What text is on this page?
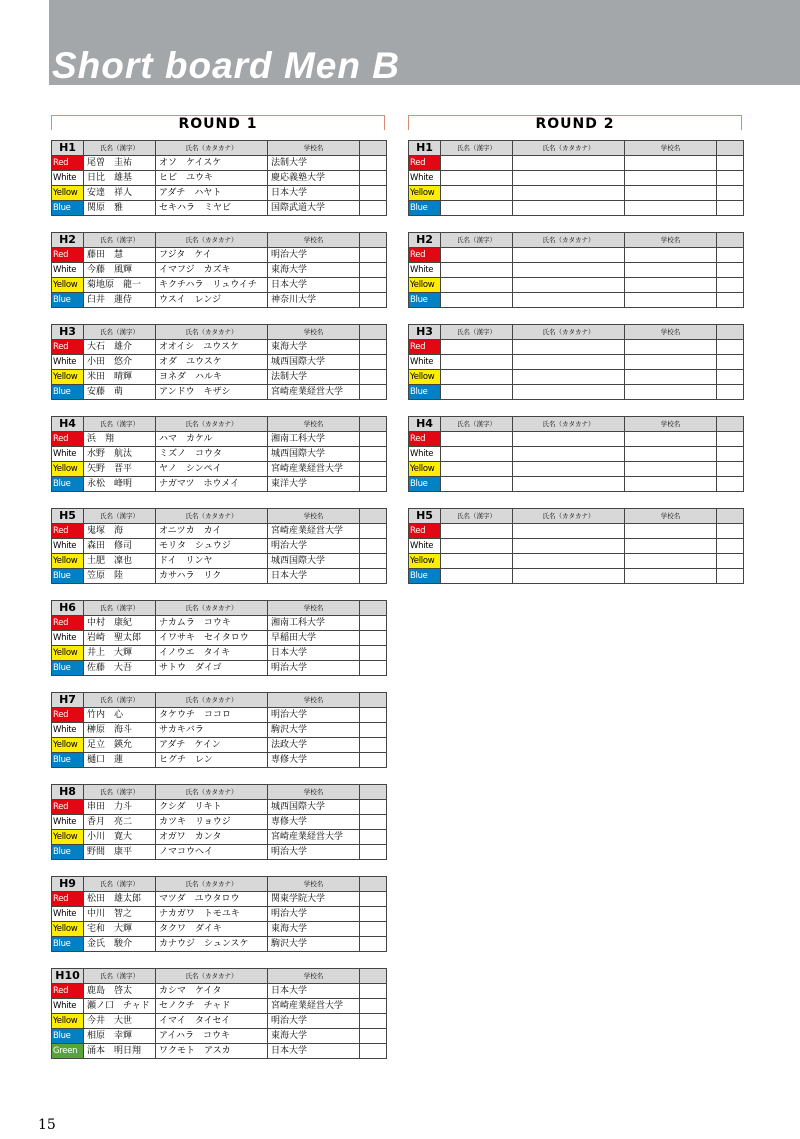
Short board Men B
ROUND 1	ROUND 2
H1	氏名（漢字）	氏名（カタカナ）	学校名	
Red	尾曽　圭祐	オソ　ケイスケ	法制大学	
White	日比　雄基	ヒビ　ユウキ	慶応義塾大学	
Yellow	安達　祥人	アダチ　ハヤト	日本大学	
Blue	関原　雅	セキハラ　ミヤビ	国際武道大学	
H2	氏名（漢字）	氏名（カタカナ）	学校名	
Red	藤田　慧	フジタ　ケイ	明治大学	
White	今藤　風輝	イマフジ　カズキ	東海大学	
Yellow	菊地原　龍一	キクチハラ　リュウイチ	日本大学	
Blue	臼井　蓮侍	ウスイ　レンジ	神奈川大学	
H3	氏名（漢字）	氏名（カタカナ）	学校名	
Red	大石　雄介	オオイシ　ユウスケ	東海大学	
White	小田　悠介	オダ　ユウスケ	城西国際大学	
Yellow	米田　晴輝	ヨネダ　ハルキ	法制大学	
Blue	安藤　萌	アンドウ　キザシ	宮崎産業経営大学	
H4	氏名（漢字）	氏名（カタカナ）	学校名	
Red	浜　翔	ハマ　カケル	湘南工科大学	
White	水野　航汰	ミズノ　コウタ	城西国際大学	
Yellow	矢野　晋平	ヤノ　シンペイ	宮崎産業経営大学	
Blue	永松　峰明	ナガマツ　ホウメイ	東洋大学	
H5	氏名（漢字）	氏名（カタカナ）	学校名	
Red	鬼塚　海	オニツカ　カイ	宮崎産業経営大学	
White	森田　修司	モリタ　シュウジ	明治大学	
Yellow	土肥　凜也	ドイ　リンヤ	城西国際大学	
Blue	笠原　陸	カサハラ　リク	日本大学	
H6	氏名（漢字）	氏名（カタカナ）	学校名	
Red	中村　康紀	ナカムラ　コウキ	湘南工科大学	
White	岩崎　聖太郎	イワサキ　セイタロウ	早稲田大学	
Yellow	井上　大輝	イノウエ　タイキ	日本大学	
Blue	佐藤　大吾	サトウ　ダイゴ	明治大学	
H7	氏名（漢字）	氏名（カタカナ）	学校名	
Red	竹内　心	タケウチ　ココロ	明治大学	
White	榊原　海斗	サカキバラ	駒沢大学	
Yellow	足立　鍈允	アダチ　ケイン	法政大学	
Blue	樋口　蓮	ヒグチ　レン	専修大学	
H8	氏名（漢字）	氏名（カタカナ）	学校名	
Red	串田　力斗	クシダ　リキト	城西国際大学	
White	香月　亮二	カツキ　リョウジ	専修大学	
Yellow	小川　寛大	オガワ　カンタ	宮崎産業経営大学	
Blue	野間　康平	ノマコウヘイ	明治大学	
H9	氏名（漢字）	氏名（カタカナ）	学校名	
Red	松田　雄太郎	マツダ　ユウタロウ	関東学院大学	
White	中川　智之	ナカガワ　トモユキ	明治大学	
Yellow	宅和　大輝	タクワ　ダイキ	東海大学	
Blue	金氏　駿介	カナウジ　シュンスケ	駒沢大学	
H10	氏名（漢字）	氏名（カタカナ）	学校名	
Red	鹿島　啓太	カシマ　ケイタ	日本大学	
White	瀬ノ口　チャド	セノクチ　チャド	宮崎産業経営大学	
Yellow	今井　大世	イマイ　タイセイ	明治大学	
Blue	相原　幸輝	アイハラ　コウキ	東海大学	
Green	涌本　明日翔	ワクモト　アスカ	日本大学	
H1	氏名（漢字）	氏名（カタカナ）	学校名	
Red				
White				
Yellow				
Blue				
H2	氏名（漢字）	氏名（カタカナ）	学校名	
Red				
White				
Yellow				
Blue				
H3	氏名（漢字）	氏名（カタカナ）	学校名	
Red				
White				
Yellow				
Blue				
H4	氏名（漢字）	氏名（カタカナ）	学校名	
Red				
White				
Yellow				
Blue				
H5	氏名（漢字）	氏名（カタカナ）	学校名	
Red				
White				
Yellow				
Blue				
15
